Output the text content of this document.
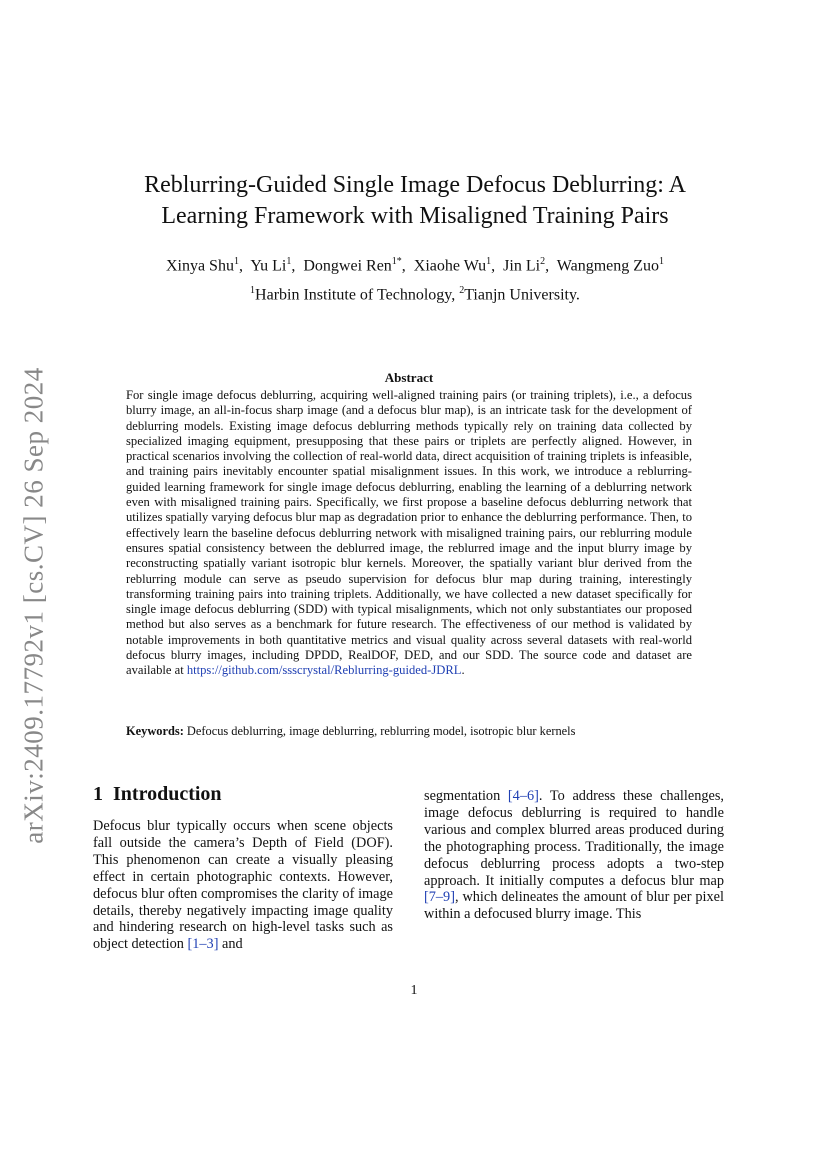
arXiv:2409.17792v1 [cs.CV] 26 Sep 2024
Reblurring-Guided Single Image Defocus Deblurring: A Learning Framework with Misaligned Training Pairs
Xinya Shu$^1$,  Yu Li$^1$,  Dongwei Ren$^{1*}$,  Xiaohe Wu$^1$,  Jin Li$^2$,  Wangmeng Zuo$^1$
$^1$Harbin Institute of Technology, $^2$Tianjn University.
Abstract
For single image defocus deblurring, acquiring well-aligned training pairs (or training triplets), i.e., a defocus blurry image, an all-in-focus sharp image (and a defocus blur map), is an intricate task for the development of deblurring models. Existing image defocus deblurring methods typically rely on training data collected by specialized imaging equipment, presupposing that these pairs or triplets are perfectly aligned. However, in practical scenarios involving the collection of real-world data, direct acquisition of training triplets is infeasible, and training pairs inevitably encounter spatial misalignment issues. In this work, we introduce a reblurring-guided learning framework for single image defocus deblurring, enabling the learning of a deblurring network even with misaligned training pairs. Specifically, we first propose a baseline defocus deblurring network that utilizes spatially varying defocus blur map as degradation prior to enhance the deblurring performance. Then, to effectively learn the baseline defocus deblurring network with misaligned training pairs, our reblurring module ensures spatial consistency between the deblurred image, the reblurred image and the input blurry image by reconstructing spatially variant isotropic blur kernels. Moreover, the spatially variant blur derived from the reblurring module can serve as pseudo supervision for defocus blur map during training, interestingly transforming training pairs into training triplets. Additionally, we have collected a new dataset specifically for single image defocus deblurring (SDD) with typical misalignments, which not only substantiates our proposed method but also serves as a benchmark for future research. The effectiveness of our method is validated by notable improvements in both quantitative metrics and visual quality across several datasets with real-world defocus blurry images, including DPDD, RealDOF, DED, and our SDD. The source code and dataset are available at https://github.com/ssscrystal/Reblurring-guided-JDRL.
Keywords: Defocus deblurring, image deblurring, reblurring model, isotropic blur kernels
1 Introduction
Defocus blur typically occurs when scene objects fall outside the camera’s Depth of Field (DOF). This phenomenon can create a visually pleasing effect in certain photographic contexts. However, defocus blur often compromises the clarity of image details, thereby negatively impacting image quality and hindering research on high-level tasks such as object detection [1–3] and
segmentation [4–6]. To address these challenges, image defocus deblurring is required to handle various and complex blurred areas produced during the photographing process. Traditionally, the image defocus deblurring process adopts a two-step approach. It initially computes a defocus blur map [7–9], which delineates the amount of blur per pixel within a defocused blurry image. This
1
